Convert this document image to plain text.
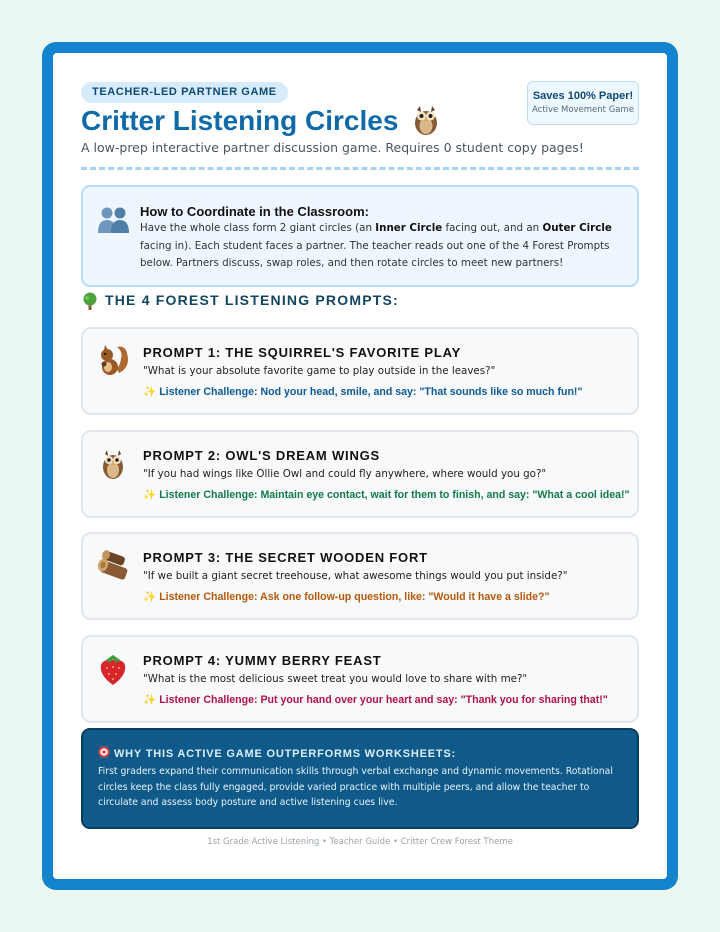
TEACHER-LED PARTNER GAME
Critter Listening Circles
A low-prep interactive partner discussion game. Requires 0 student copy pages!
Saves 100% Paper!
Active Movement Game
How to Coordinate in the Classroom:
Have the whole class form 2 giant circles (an Inner Circle facing out, and an Outer Circle facing in). Each student faces a partner. The teacher reads out one of the 4 Forest Prompts below. Partners discuss, swap roles, and then rotate circles to meet new partners!
THE 4 FOREST LISTENING PROMPTS:
PROMPT 1: THE SQUIRREL'S FAVORITE PLAY
"What is your absolute favorite game to play outside in the leaves?"
✨ Listener Challenge: Nod your head, smile, and say: "That sounds like so much fun!"
PROMPT 2: OWL'S DREAM WINGS
"If you had wings like Ollie Owl and could fly anywhere, where would you go?"
✨ Listener Challenge: Maintain eye contact, wait for them to finish, and say: "What a cool idea!"
PROMPT 3: THE SECRET WOODEN FORT
"If we built a giant secret treehouse, what awesome things would you put inside?"
✨ Listener Challenge: Ask one follow-up question, like: "Would it have a slide?"
PROMPT 4: YUMMY BERRY FEAST
"What is the most delicious sweet treat you would love to share with me?"
✨ Listener Challenge: Put your hand over your heart and say: "Thank you for sharing that!"
WHY THIS ACTIVE GAME OUTPERFORMS WORKSHEETS:
First graders expand their communication skills through verbal exchange and dynamic movements. Rotational circles keep the class fully engaged, provide varied practice with multiple peers, and allow the teacher to circulate and assess body posture and active listening cues live.
1st Grade Active Listening • Teacher Guide • Critter Crew Forest Theme
